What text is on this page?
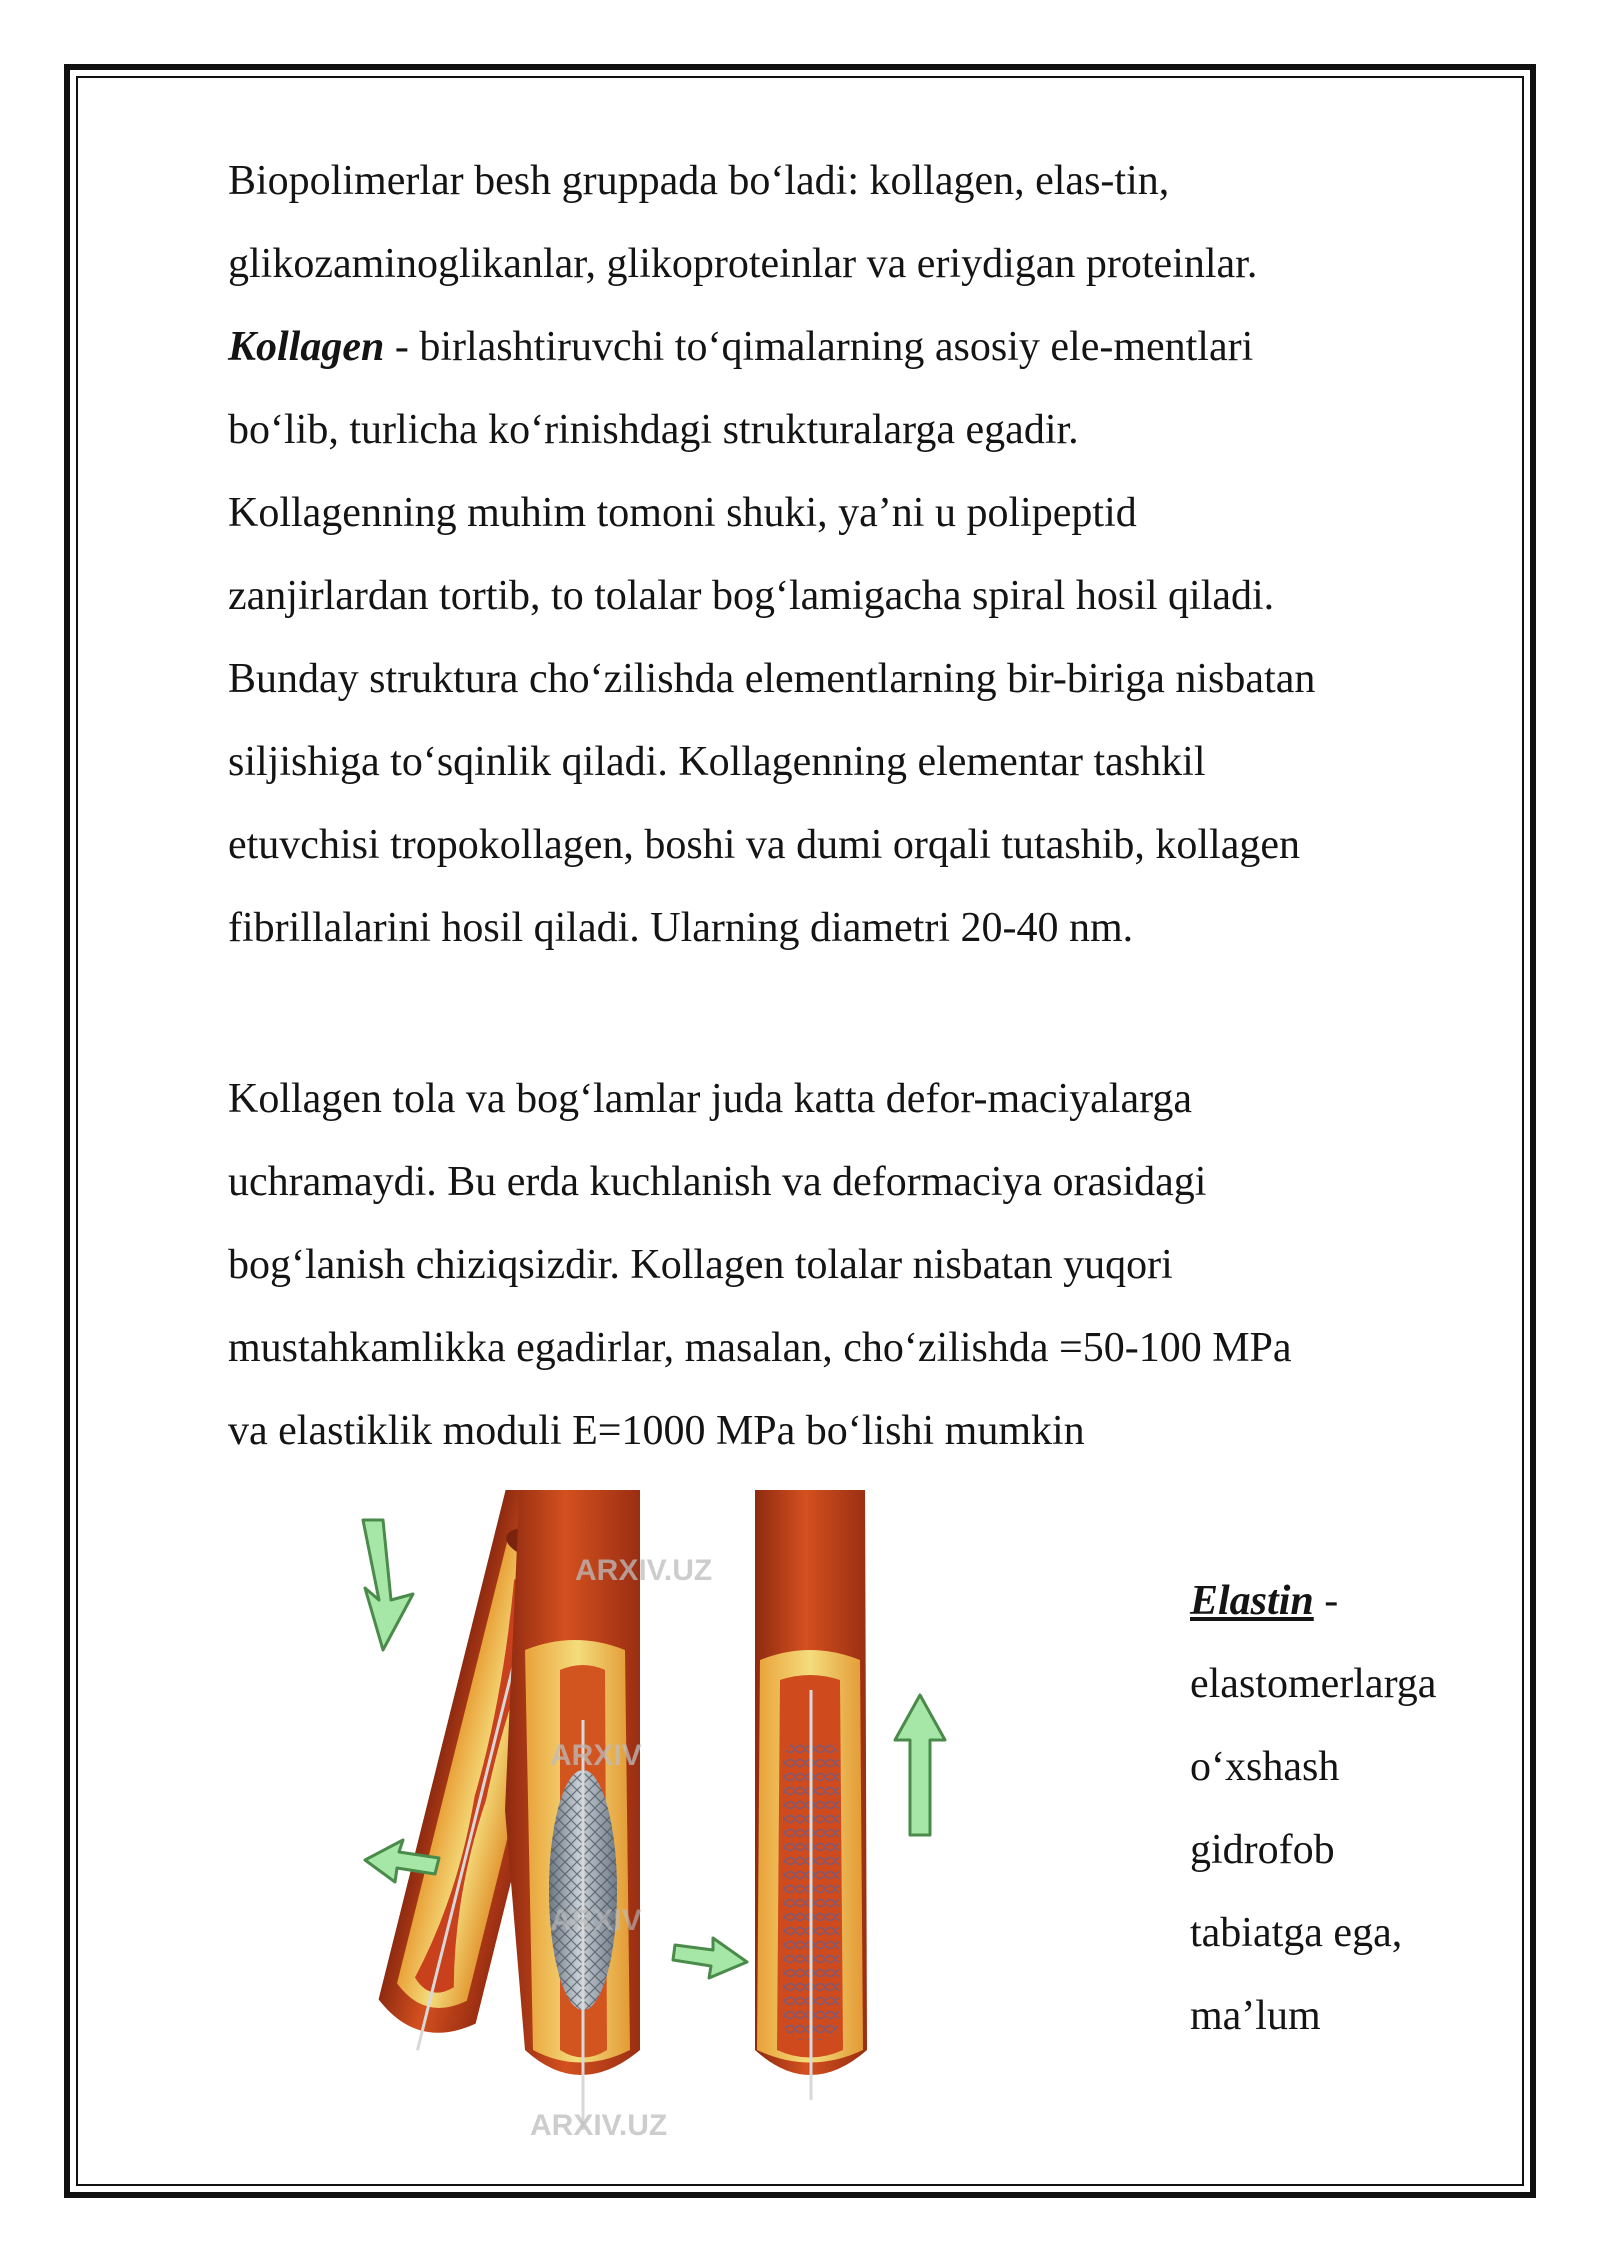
Biopolimerlar besh gruppada boʻladi: kollagen, elas-tin,
glikozaminoglikanlar, glikoproteinlar va eriydigan proteinlar.
Kollagen - birlashtiruvchi toʻqimalarning asosiy ele-mentlari
boʻlib, turlicha koʻrinishdagi strukturalarga egadir.
Kollagenning muhim tomoni shuki, ya’ni u polipeptid
zanjirlardan tortib, to tolalar bogʻlamigacha spiral hosil qiladi.
Bunday struktura choʻzilishda elementlarning bir-biriga nisbatan
siljishiga toʻsqinlik qiladi. Kollagenning elementar tashkil
etuvchisi tropokollagen, boshi va dumi orqali tutashib, kollagen
fibrillalarini hosil qiladi. Ularning diametri 20-40 nm.
Kollagen tola va bogʻlamlar juda katta defor-maciyalarga
uchramaydi. Bu erda kuchlanish va deformaciya orasidagi
bogʻlanish chiziqsizdir. Kollagen tolalar nisbatan yuqori
mustahkamlikka egadirlar, masalan, choʻzilishda =50-100 MPa
va elastiklik moduli E=1000 MPa boʻlishi mumkin
ARXIV.UZ
ARXIV
ARXIV
ARXIV.UZ
Elastin -
elastomerlarga
oʻxshash
gidrofob
tabiatga ega,
ma’lum
